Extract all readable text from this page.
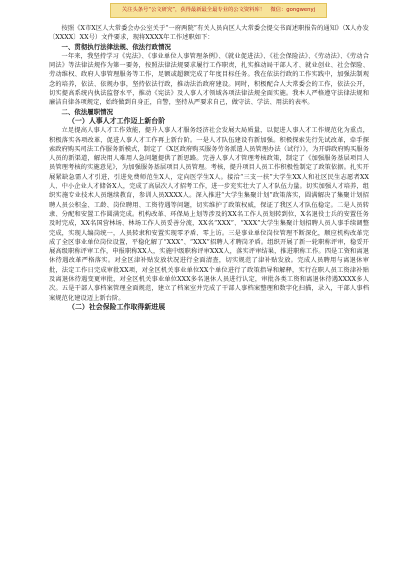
关注头条号“公文研究”，获得最新最全最专业的公文资料库！　微信：gongwenyj

按照《X市X区人大常委会办公室关于“一府两院”有关人员向区人大常委会提交书面述职报告的通知》（X人办发〔XXXX〕XX号）文件要求，现将XXXX年工作述职如下：

一、贯彻执行法律法规、依法行政情况

一年来，我坚持学习《宪法》、《事业单位人事管理条例》、《就业促进法》、《社会保险法》、《劳动法》、《劳动合同法》等法律法规作为第一要务，按照法律法规要求履行工作职责，扎实推动局干部人才、就业创业、社会保险、劳动维权、政府人事管理服务等工作，足额或超额完成了年度目标任务。我在依法行政的工作实践中，加强法制观念的培养，依法、依规办事，坚持依法行政，推动法治政府建设。同时，积极配合人大常委会的工作，依法公开，切实提高系统内执法监督水平，推动《宪法》及人事人才领域各项法律法规全面实施。我本人严格遵守法律法规和廉洁自律各项规定，始终做到自身正，自警，坚持从严要求自己，做守法、学法、用法的表率。

二、依法履职情况
（一）人事人才工作迈上新台阶

立足提高人事人才工作效能，提升人事人才服务经济社会发展大局质量，以促进人事人才工作规范化为重点，积极落实各项改革，促进人事人才工作再上新台阶。一是人才队伍建设有新加强。积极探索先行先试改革，牵手探索政府购买司法工作服务新模式，制定了《X区政府购买服务劳务派遣人员管理办法（试行）》，为开辟政府购买服务人员的新渠道，解决用人难用人急问题提供了新思路。完善人事人才管理考核政策，制定了《加强服务基层项目人员管理考核的实施意见》，为加强服务基层项目人员管理。考核，提升项目人员工作积极性制定了政策依据。扎实开展紧缺急需人才引进，引进免费师范生X人，定向医学生X人。接洽“三支一扶”大学生XX人和社区民生志愿者XX人、中小企业人才储备X人，完成了高层次人才招考工作，进一步充实壮大了人才队伍力量。切实加强人才培养，组织实施专业技术人员继续教育，参训人员XXXX人。深入推进“大学生集聚计划”政策落实，圆满解决了集聚计划招聘人员公积金、工龄、岗位聘用、工资待遇等问题，切实维护了政策权威，保证了我区人才队伍稳定。二是人员转隶、分配和安置工作圆满完成。机构改革、环保局上划等涉及的XX名工作人员划转到位，X名退役士兵的安置任务及时完成，XX名国营林场、林场工作人员妥善分流，XX名“XXX”、“XXX”大学生集聚计划招聘人员人事手续调整完成，实现人编岗统一，人员转隶和安置实现零矛盾、零上访。三是事业单位岗位管理不断深化，顺应机构改革完成了全区事业单位岗位设置，平稳化解了“XXX”、“XXX”招聘人才聘岗矛盾。组织开展了新一轮职称评审，稳妥开展高级职称评审工作，申报职称XX人，实施中级职称评审XXX人，落实评审结果，推进职称工作。四是工资和离退休待遇改革严格落实。对全区津补贴发放状况进行全面清查，切实规范了津补贴发放。完成人员聘用与离退休审批，法定工作日完成审批XX项，对全区机关事业单位XX个单位进行了政策指导和解释，实行在职人员工资津补贴及离退休待遇变更审批，对全区机关事业单位XXX多名退休人员进行认定，审批各类工资和离退休待遇XXXX多人次。五是干部人事档案管理全面规范，建立了档案室并完成了干部人事档案整理和数字化扫描，录入，干部人事档案规范化建设迈上新台阶。

（二）社会保险工作取得新进展
